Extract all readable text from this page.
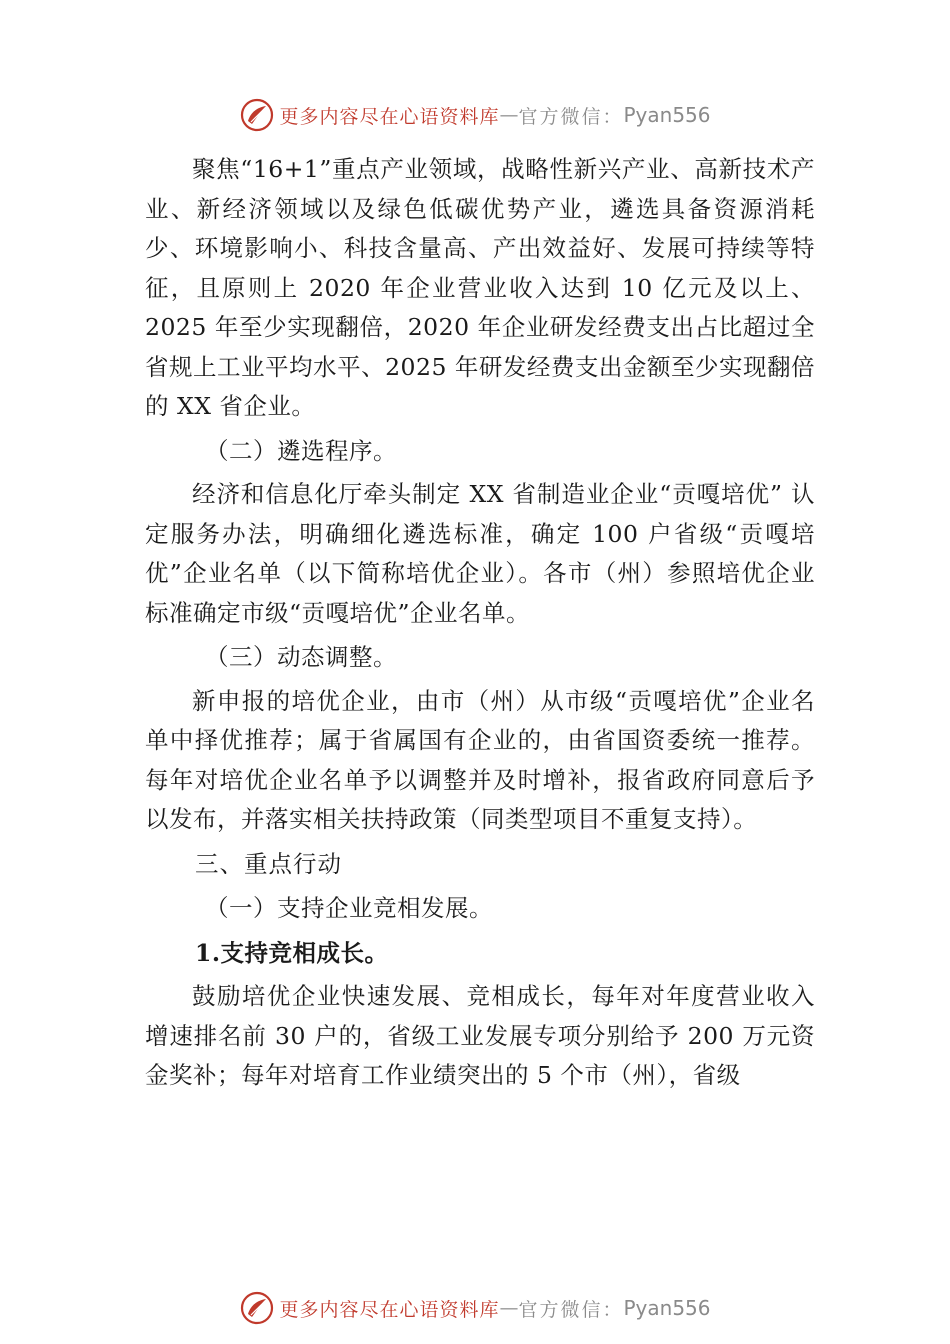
更多内容尽在心语资料库 — 官方微信： Pyan556

聚焦“16+1”重点产业领域，战略性新兴产业、高新技术产业、新经济领域以及绿色低碳优势产业，遴选具备资源消耗少、环境影响小、科技含量高、产出效益好、发展可持续等特征，且原则上 2020 年企业营业收入达到 10 亿元及以上、2025 年至少实现翻倍，2020 年企业研发经费支出占比超过全省规上工业平均水平、2025 年研发经费支出金额至少实现翻倍的 XX 省企业。

（二）遴选程序。

经济和信息化厅牵头制定 XX 省制造业企业“贡嘎培优” 认定服务办法，明确细化遴选标准，确定 100 户省级“贡嘎培优”企业名单（以下简称培优企业）。各市（州）参照培优企业标准确定市级“贡嘎培优”企业名单。

（三）动态调整。

新申报的培优企业，由市（州）从市级“贡嘎培优”企业名单中择优推荐；属于省属国有企业的，由省国资委统一推荐。每年对培优企业名单予以调整并及时增补，报省政府同意后予以发布，并落实相关扶持政策（同类型项目不重复支持）。

三、重点行动

（一）支持企业竞相发展。

1.支持竞相成长。

鼓励培优企业快速发展、竞相成长，每年对年度营业收入增速排名前 30 户的，省级工业发展专项分别给予 200 万元资金奖补；每年对培育工作业绩突出的 5 个市（州），省级

更多内容尽在心语资料库 — 官方微信： Pyan556
